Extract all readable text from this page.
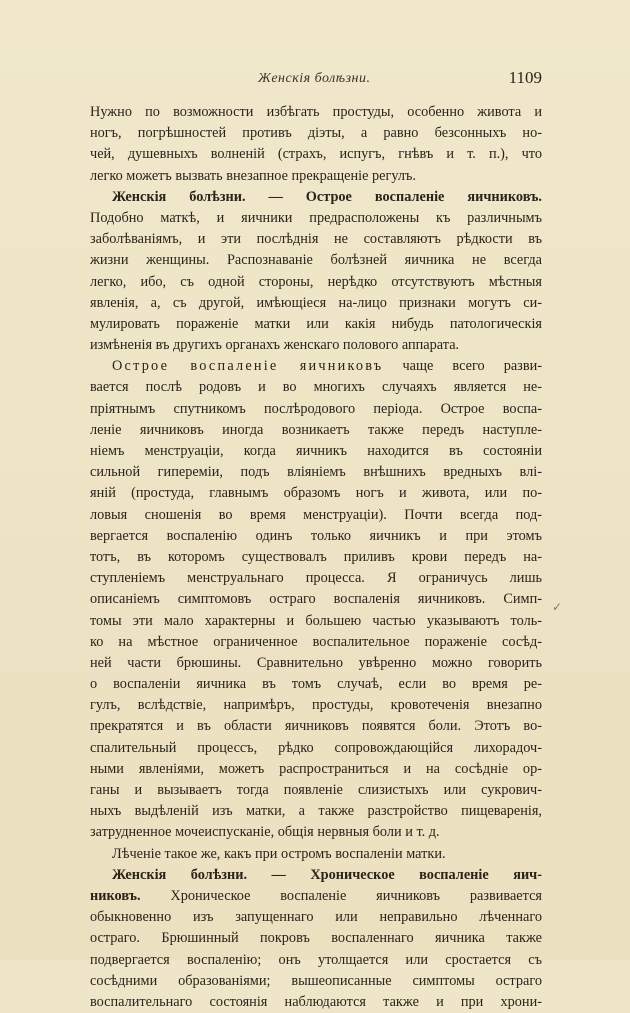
Женскія болѣзни.	1109
Нужно по возможности избѣгать простуды, особенно живота и
ногъ, погрѣшностей противъ діэты, а равно безсонныхъ но-
чей, душевныхъ волненій (страхъ, испугъ, гнѣвъ и т. п.), что
легко можетъ вызвать внезапное прекращеніе регулъ.
Женскія болѣзни. — Острое воспаленіе яичниковъ.
Подобно маткѣ, и яичники предрасположены къ различнымъ
заболѣваніямъ, и эти послѣднія не составляютъ рѣдкости въ
жизни женщины. Распознаваніе болѣзней яичника не всегда
легко, ибо, съ одной стороны, нерѣдко отсутствуютъ мѣстныя
явленія, а, съ другой, имѣющіеся на-лицо признаки могутъ си-
мулировать пораженіе матки или какія нибудь патологическія
измѣненія въ другихъ органахъ женскаго полового аппарата.
Острое воспаленіе яичниковъ чаще всего разви-
вается послѣ родовъ и во многихъ случаяхъ является не-
пріятнымъ спутникомъ послѣродового періода. Острое воспа-
леніе яичниковъ иногда возникаетъ также передъ наступле-
ніемъ менструаціи, когда яичникъ находится въ состояніи
сильной гипереміи, подъ вліяніемъ внѣшнихъ вредныхъ влі-
яній (простуда, главнымъ образомъ ногъ и живота, или по-
ловыя сношенія во время менструаціи). Почти всегда под-
вергается воспаленію одинъ только яичникъ и при этомъ
тотъ, въ которомъ существовалъ приливъ крови передъ на-
ступленіемъ менструальнаго процесса. Я ограничусь лишь
описаніемъ симптомовъ остраго воспаленія яичниковъ. Симп-
томы эти мало характерны и большею частью указываютъ толь-
ко на мѣстное ограниченное воспалительное пораженіе сосѣд-
ней части брюшины. Сравнительно увѣренно можно говорить
о воспаленіи яичника въ томъ случаѣ, если во время ре-
гулъ, вслѣдствіе, напримѣръ, простуды, кровотеченія внезапно
прекратятся и въ области яичниковъ появятся боли. Этотъ во-
спалительный процессъ, рѣдко сопровождающійся лихорадоч-
ными явленіями, можетъ распространиться и на сосѣдніе ор-
ганы и вызываетъ тогда появленіе слизистыхъ или сукрович-
ныхъ выдѣленій изъ матки, а также разстройство пищеваренія,
затрудненное мочеиспусканіе, общія нервныя боли и т. д.
Лѣченіе такое же, какъ при остромъ воспаленіи матки.
Женскія болѣзни. — Хроническое воспаленіе яич-
никовъ. Хроническое воспаленіе яичниковъ развивается
обыкновенно изъ запущеннаго или неправильно лѣченнаго
остраго. Брюшинный покровъ воспаленнаго яичника также
подвергается воспаленію; онъ утолщается или сростается съ
сосѣдними образованіями; вышеописанные симптомы остраго
воспалительнаго состоянія наблюдаются также и при хрони-
✓
